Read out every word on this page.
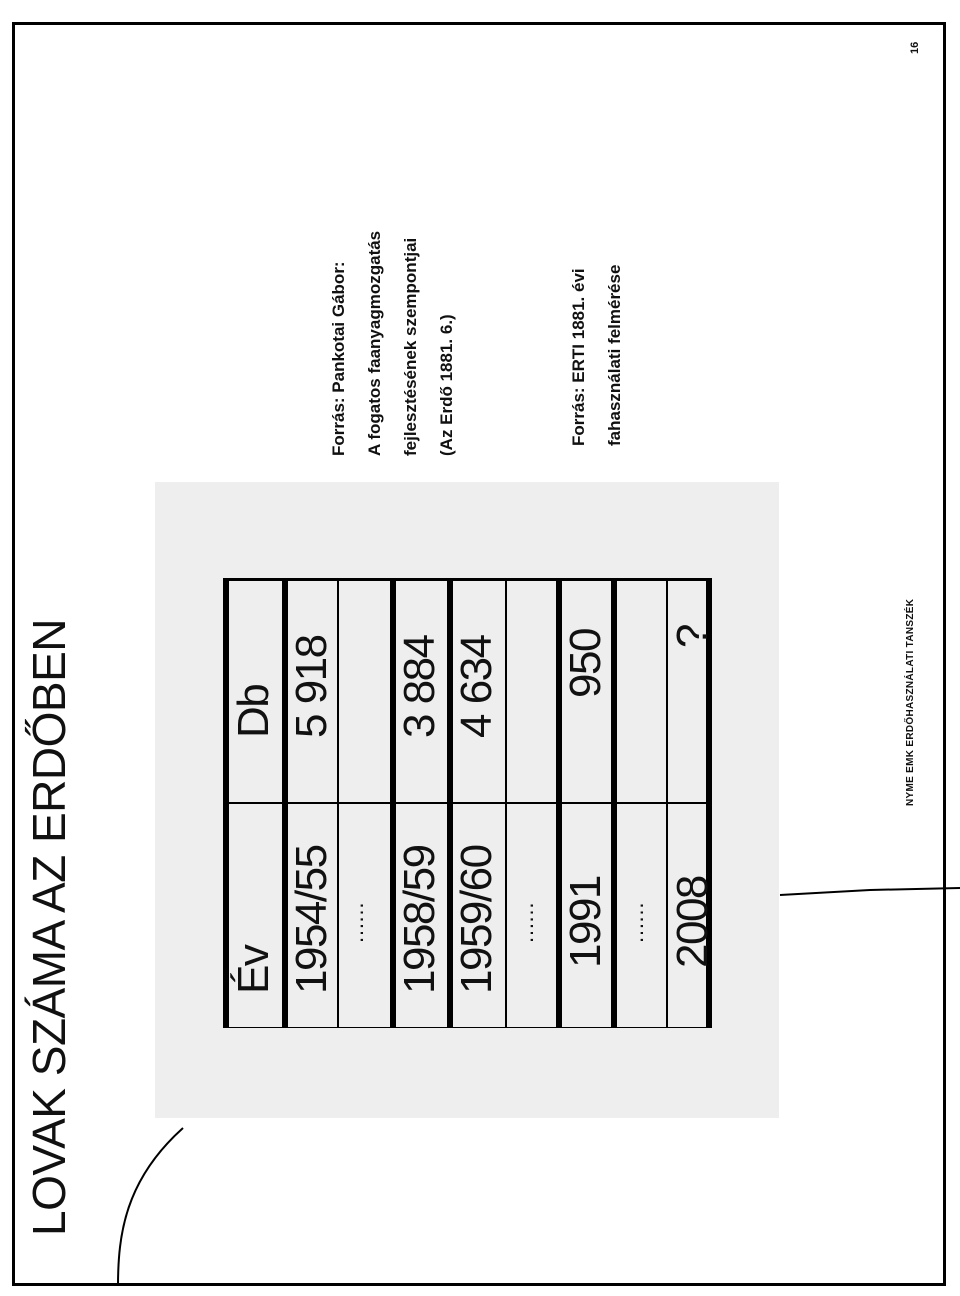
LOVAK SZÁMA AZ ERDŐBEN	Év
Db
1954/55
5 918
…… 1958/59
3 884
1959/60
4 634
…… 1991
950
…… 2008
?
Forrás: Pankotai Gábor: A fogatos faanyagmozgatás fejlesztésének szempontjai (Az Erdő 1881. 6.)	Forrás: ERTI 1881. évi fahasználati felmérése
NYME EMK ERDŐHASZNÁLATI TANSZÉK
16
